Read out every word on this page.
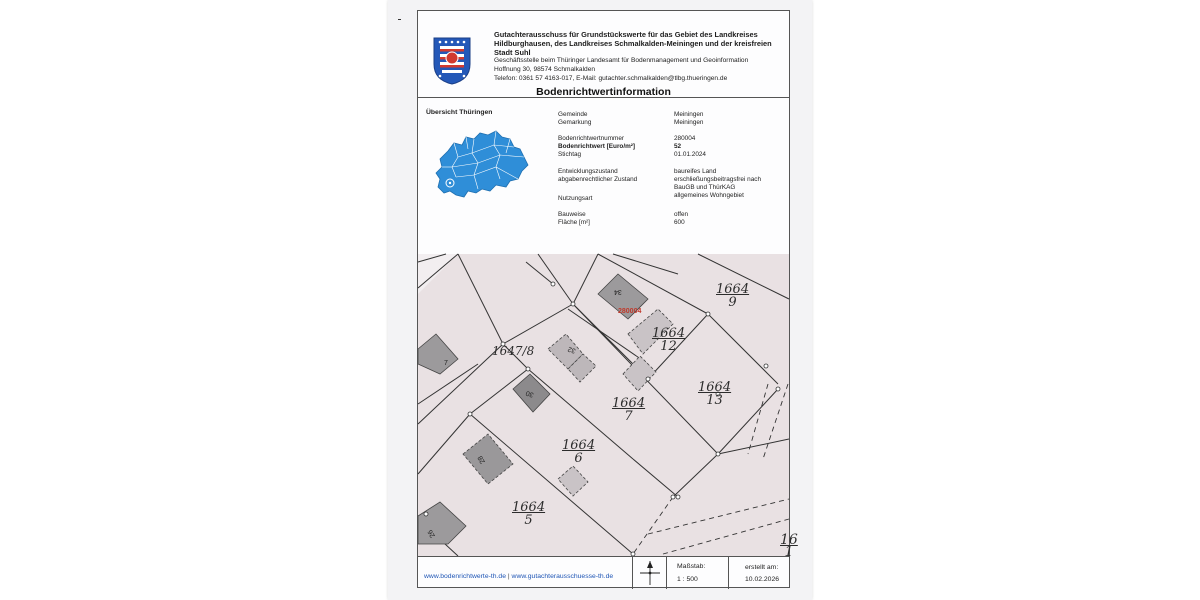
Gutachterausschuss für Grundstückswerte für das Gebiet des Landkreises Hildburghausen, des Landkreises Schmalkalden-Meiningen und der kreisfreien Stadt Suhl
Geschäftsstelle beim Thüringer Landesamt für Bodenmanagement und Geoinformation
Hoffnung 30, 98574 Schmalkalden
Telefon: 0361 57 4163-017, E-Mail: gutachter.schmalkalden@tlbg.thueringen.de
Bodenrichtwertinformation
Übersicht Thüringen	Gemeinde	Meiningen
Gemarkung	Meiningen
Bodenrichtwertnummer	280004
Bodenrichtwert [Euro/m²]	52
Stichtag	01.01.2024
Entwicklungszustand	baureifes Land
abgabenrechtlicher Zustand	erschließungsbeitragsfrei nach
BauGB und ThürKAG
Nutzungsart	allgemeines Wohngebiet
Bauweise	offen
Fläche [m²]	600
280004
34
32
30
28
26
7
$\frac{1664}{9}$
$\frac{1664}{12}$
$\frac{1664}{13}$
$\frac{1664}{7}$
$\frac{1664}{6}$
$\frac{1664}{5}$
$\frac{16}{1}$
1647/8
www.bodenrichtwerte-th.de | www.gutachterausschuesse-th.de
Maßstab:
1 : 500
erstellt am:
10.02.2026
